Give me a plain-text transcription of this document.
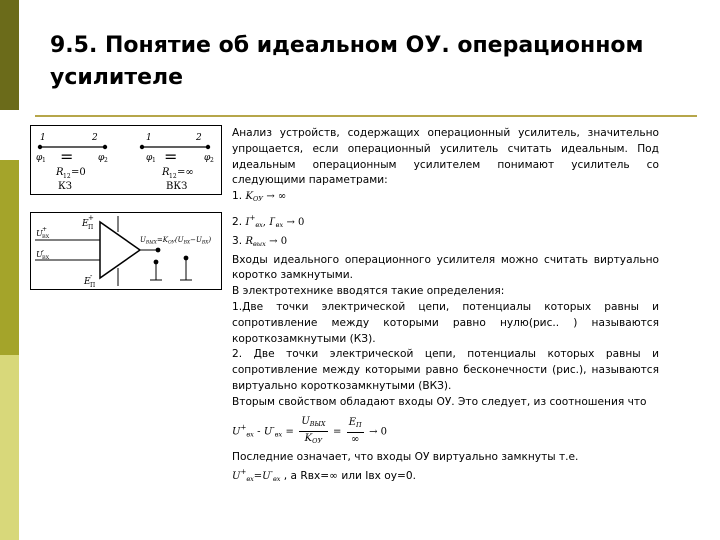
9.5. Понятие об идеальном ОУ. операционном усилителе
1	2
φ 1 =	φ 2
R 12 =0
КЗ
1	2
φ 1 =	φ 2
R 12 =∞
ВКЗ
E П
+
E П
-
U ВХ
+
U ВХ
-
$U_{ВЫХ}=K_{ОУ}(U_{ВХ}-U_{ВХ})$

Анализ устройств, содержащих операционный усилитель, значительно упрощается, если операционный усилитель считать идеальным. Под идеальным операционным усилителем понимают усилитель со следующими параметрами:

1. $K_{ОУ}$ → ∞

2. $I^+_{вх}$, $I^-_{вх} \to 0$

3. $R_{вых} \to 0$

Входы идеального операционного усилителя можно считать виртуально коротко замкнутыми.

В электротехнике вводятся такие определения:

1.Две точки электрической цепи, потенциалы которых равны и сопротивление между которыми равно нулю(рис.. ) называются короткозамкнутыми (КЗ).

2. Две точки электрической цепи, потенциалы которых равны и сопротивление между которыми равно бесконечности (рис.), называются виртуально короткозамкнутыми (ВКЗ).

Вторым свойством обладают входы ОУ. Это следует, из соотношения что

$U^+_{вх} - U^-_{вх} = \frac{U_{ВЫХ}}{K_{ОУ}} = \frac{E_П}{\infty} \to 0$

Последние означает, что входы ОУ виртуально замкнуты т.е.

$U^+_{вх}=U^-_{вх}$ , а Rвх=∞ или Iвх оу=0.
